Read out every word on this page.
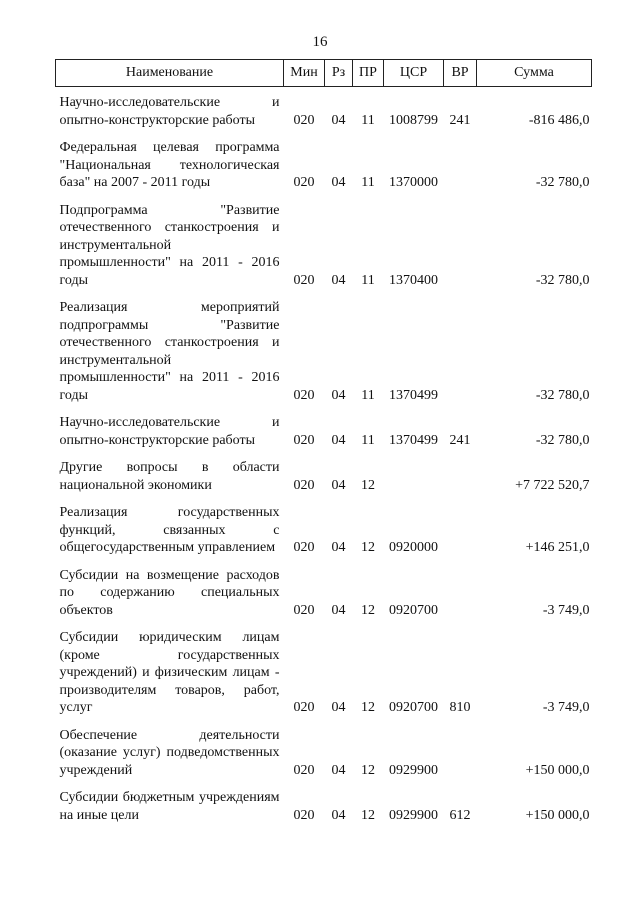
16
Наименование	Мин	Рз	ПР	ЦСР	ВР	Сумма
Научно-исследовательские и опытно-конструкторские работы	020	04	11	1008799	241	-816 486,0
Федеральная целевая программа "Национальная технологическая база" на 2007 - 2011 годы	020	04	11	1370000		-32 780,0
Подпрограмма "Развитие отечественного станкостроения и инструментальной промышленности" на 2011 - 2016 годы	020	04	11	1370400		-32 780,0
Реализация мероприятий подпрограммы "Развитие отечественного станкостроения и инструментальной промышленности" на 2011 - 2016 годы	020	04	11	1370499		-32 780,0
Научно-исследовательские и опытно-конструкторские работы	020	04	11	1370499	241	-32 780,0
Другие вопросы в области национальной экономики	020	04	12			+7 722 520,7
Реализация государственных функций, связанных с общегосударственным управлением	020	04	12	0920000		+146 251,0
Субсидии на возмещение расходов по содержанию специальных объектов	020	04	12	0920700		-3 749,0
Субсидии юридическим лицам (кроме государственных учреждений) и физическим лицам - производителям товаров, работ, услуг	020	04	12	0920700	810	-3 749,0
Обеспечение деятельности (оказание услуг) подведомственных учреждений	020	04	12	0929900		+150 000,0
Субсидии бюджетным учреждениям на иные цели	020	04	12	0929900	612	+150 000,0
